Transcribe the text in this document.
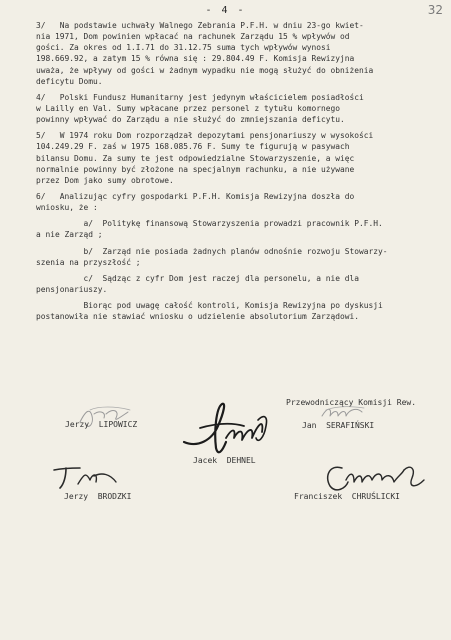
- 4 -	32
3/   Na podstawie uchwały Walnego Zebrania P.F.H. w dniu 23-go kwiet-
nia 1971, Dom powinien wpłacać na rachunek Zarządu 15 % wpływów od
gości. Za okres od 1.I.71 do 31.12.75 suma tych wpływów wynosi
198.669.92, a zatym 15 % równa się : 29.804.49 F. Komisja Rewizyjna
uważa, że wpływy od gości w żadnym wypadku nie mogą służyć do obniżenia
deficytu Domu.
4/   Polski Fundusz Humanitarny jest jedynym właścicielem posiadłości
w Lailly en Val. Sumy wpłacane przez personel z tytułu komornego
powinny wpływać do Zarządu a nie służyć do zmniejszania deficytu.
5/   W 1974 roku Dom rozporządzał depozytami pensjonariuszy w wysokości
104.249.29 F. zaś w 1975 168.085.76 F. Sumy te figurują w pasywach
bilansu Domu. Za sumy te jest odpowiedzialne Stowarzyszenie, a więc
normalnie powinny być złożone na specjalnym rachunku, a nie używane
przez Dom jako sumy obrotowe.
6/   Analizując cyfry gospodarki P.F.H. Komisja Rewizyjna doszła do
wniosku, że :
a/  Politykę finansową Stowarzyszenia prowadzi pracownik P.F.H.
a nie Zarząd ;
b/  Zarząd nie posiada żadnych planów odnośnie rozwoju Stowarzy-
szenia na przyszłość ;
c/  Sądząc z cyfr Dom jest raczej dla personelu, a nie dla
pensjonariuszy.
Biorąc pod uwagę całość kontroli, Komisja Rewizyjna po dyskusji
postanowiła nie stawiać wniosku o udzielenie absolutorium Zarządowi.
Przewodniczący Komisji Rew.
Jerzy  LIPOWICZ
Jacek  DEHNEL
Jan  SERAFIŃSKI
Jerzy  BRODZKI	Franciszek  CHRUŚLICKI
